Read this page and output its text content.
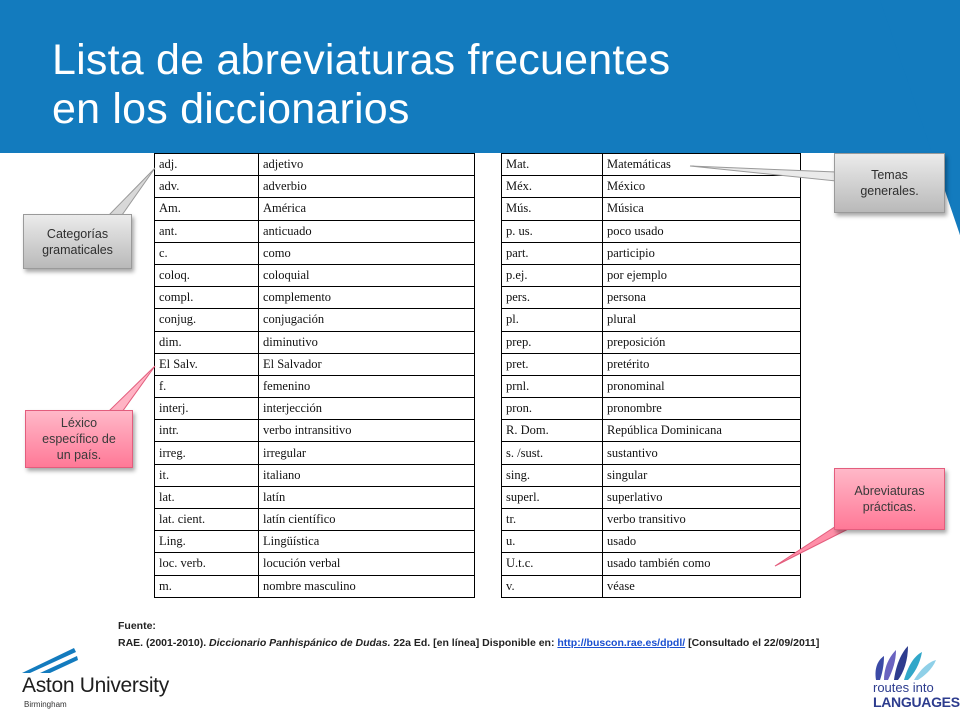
Lista de abreviaturas frecuentes
en los diccionarios
adj.	adjetivo
adv.	adverbio
Am.	América
ant.	anticuado
c.	como
coloq.	coloquial
compl.	complemento
conjug.	conjugación
dim.	diminutivo
El Salv.	El Salvador
f.	femenino
interj.	interjección
intr.	verbo intransitivo
irreg.	irregular
it.	italiano
lat.	latín
lat. cient.	latín científico
Ling.	Lingüística
loc. verb.	locución verbal
m.	nombre masculino
Mat.	Matemáticas
Méx.	México
Mús.	Música
p. us.	poco usado
part.	participio
p.ej.	por ejemplo
pers.	persona
pl.	plural
prep.	preposición
pret.	pretérito
prnl.	pronominal
pron.	pronombre
R. Dom.	República Dominicana
s. /sust.	sustantivo
sing.	singular
superl.	superlativo
tr.	verbo transitivo
u.	usado
U.t.c.	usado también como
v.	véase
Categorías
gramaticales
Temas
generales.
Léxico
específico de
un país.
Abreviaturas
prácticas.
Fuente:
RAE. (2001-2010). Diccionario Panhispánico de Dudas. 22a Ed. [en línea] Disponible en: http://buscon.rae.es/dpdl/ [Consultado el 22/09/2011]
Aston University
Birmingham
routes into
LANGUAGES
